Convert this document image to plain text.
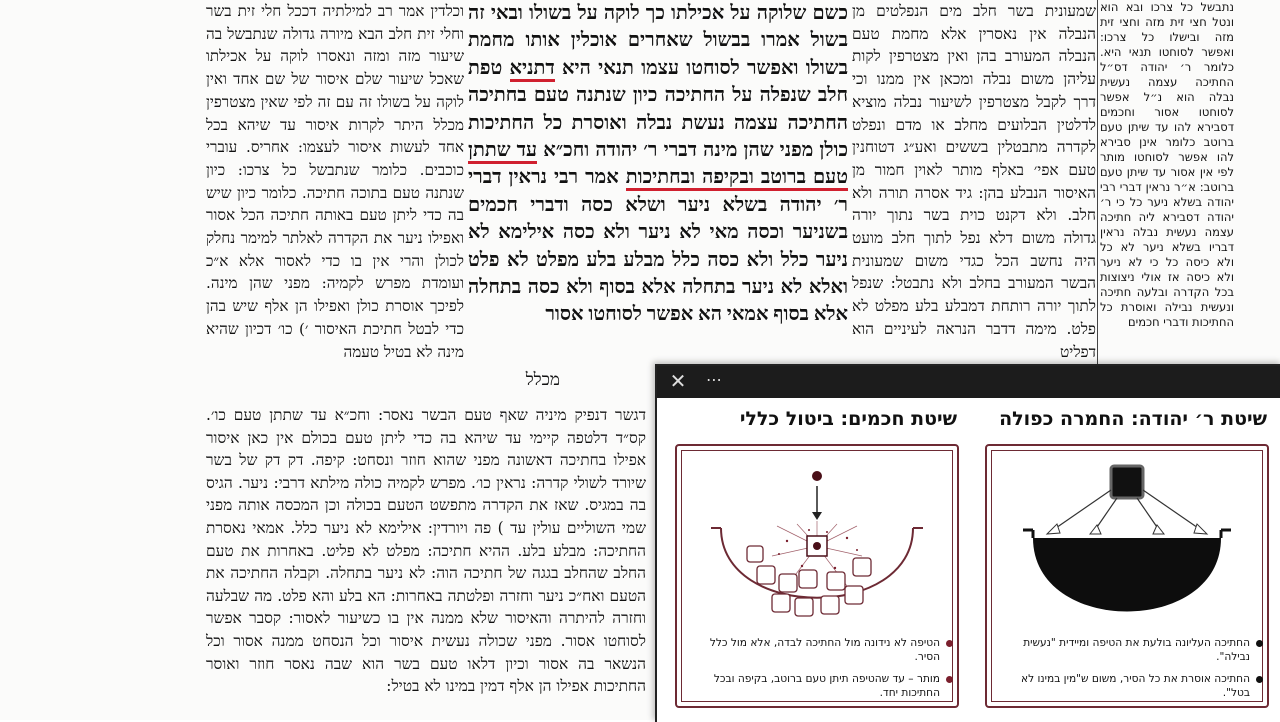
נתבשל כל צרכו ובא הוא ונטל חצי זית מזה וחצי זית מזה ובישלו כל צרכו: ואפשר לסוחטו תנאי היא. כלומר ר׳ יהודה דס״ל החתיכה עצמה נעשית נבלה הוא נ״ל אפשר לסוחטו אסור וחכמים דסבירא להו עד שיתן טעם ברוטב כלומר אינן סבירא להו אפשר לסוחטו מותר לפי אין אסור עד שיתן טעם ברוטב: א״ר נראין דברי רבי יהודה בשלא ניער כל כי ר׳ יהודה דסבירא ליה חתיכה עצמה נעשית נבלה נראין דבריו בשלא ניער לא כל ולא כיסה כל כי לא ניער ולא כיסה אז אולי ניצוצות בכל הקדרה ובלעה חתיכה ונעשית נבילה ואוסרת כל החתיכות ודברי חכמים

שמעונית בשר חלב מים הנפלטים מן הנבלה אין נאסרין אלא מחמת טעם הנבלה המעורב בהן ואין מצטרפין לקות עליהן משום נבלה ומכאן אין ממנו וכי דרך לקבל מצטרפין לשיעור נבלה מוציא לדלטין הבלועים מחלב או מדם ונפלט לקדרה מתבטלין בששים ואע״ג דטוחנין טעם אפי׳ באלף מותר לאוין חמור מן האיסור הנבלע בהן: גיד אסרה תורה ולא חלב. ולא דקנט כוית בשר נתוך יורה גדולה משום דלא נפל לתוך חלב מועט היה נחשב הכל כגדי משום שמעונית הבשר המעורב בחלב ולא נתבטל: שנפל לתוך יורה רותחת דמבלע בלע מפלט לא פלט. מימה דדבר הנראה לעיניים הוא דפליט

כשם שלוקה על אכילתו כך לוקה על בשולו ובאי זה בשול אמרו בבשול שאחרים אוכלין אותו מחמת בשולו ואפשר לסוחטו עצמו תנאי היא דתניא טפת חלב שנפלה על החתיכה כיון שנתנה טעם בחתיכה החתיכה עצמה נעשת נבלה ואוסרת כל החתיכות כולן מפני שהן מינה דברי ר׳ יהודה וחכ״א עד שתתן טעם ברוטב ובקיפה ובחתיכות אמר רבי נראין דברי ר׳ יהודה בשלא ניער ושלא כסה ודברי חכמים בשניער וכסה מאי לא ניער ולא כסה אילימא לא ניער כלל ולא כסה כלל מבלע בלע מפלט לא פלט ואלא לא ניער בתחלה אלא בסוף ולא כסה בתחלה אלא בסוף אמאי הא אפשר לסוחטו אסור

מכלל

וכלדין אמר רב למילתיה דככל חלי זית בשר וחלי זית חלב הבא מיורה גדולה שנתבשל בה שיעור מזה ומזה ונאסרו לוקה על אכילתו שאכל שיעור שלם איסור של שם אחד ואין לוקה על בשולו זה עם זה לפי שאין מצטרפין מכלל היתר לקרות איסור עד שיהא בכל אחד לעשות איסור לעצמו: אחריס. עוברי כוכבים. כלומר שנתבשל כל צרכו: כיון שנתנה טעם בתוכה חתיכה. כלומר כיון שיש בה כדי ליתן טעם באותה חתיכה הכל אסור ואפילו ניער את הקדרה לאלתר למימר נחלק לכולן והרי אין בו כדי לאסור אלא א״כ ועומדת מפרש לקמיה: מפני שהן מינה. לפיכך אוסרת כולן ואפילו הן אלף שיש בהן כדי לבטל חתיכת האיסור ׳) כו׳ דכיון שהיא מינה לא בטיל טעמה

דגשר דנפיק מיניה שאף טעם הבשר נאסר: וחכ״א עד שתתן טעם כו׳. קס״ד דלטפה קיימי עד שיהא בה כדי ליתן טעם בכולם אין כאן איסור אפילו בחתיכה דאשונה מפני שהוא חוזר ונסחט: קיפה. דק דק של בשר שיורד לשולי קדרה: נראין כו׳. מפרש לקמיה כולה מילתא דרבי: ניער. הגיס בה במגיס. שאז את הקדרה מתפשט הטעם בכולה וכן המכסה אותה מפני שמי השוליים עולין עד ) פה ויורדין: אילימא לא ניער כלל. אמאי נאסרת החתיכה: מבלע בלע. ההיא חתיכה: מפלט לא פליט. באחרות את טעם החלב שהחלב בגגה של חתיכה הוה: לא ניער בתחלה. וקבלה החתיכה את הטעם ואח״כ ניער וחזרה ופלטתה באחרות: הא בלע והא פלט. מה שבלעה וחזרה להיתרה והאיסור שלא ממנה אין בו כשיעור לאסור: קסבר אפשר לסוחטו אסור. מפני שכולה נעשית איסור וכל הנסחט ממנה אסור וכל הנשאר בה אסור וכיון דלאו טעם בשר הוא שבה נאסר חוזר ואוסר החתיכות אפילו הן אלף דמין במינו לא בטיל:

✕	⋯
שיטת חכמים: ביטול כללי
הטיפה לא נידונה מול החתיכה לבדה, אלא מול כלל הסיר.
מותר – עד שהטיפה תיתן טעם ברוטב, בקיפה ובכל החתיכות יחד.
שיטת ר׳ יהודה: החמרה כפולה
החתיכה העליונה בולעת את הטיפה ומיידית "נעשית נבילה".
החתיכה אוסרת את כל הסיר, משום ש"מין במינו לא בטל".
